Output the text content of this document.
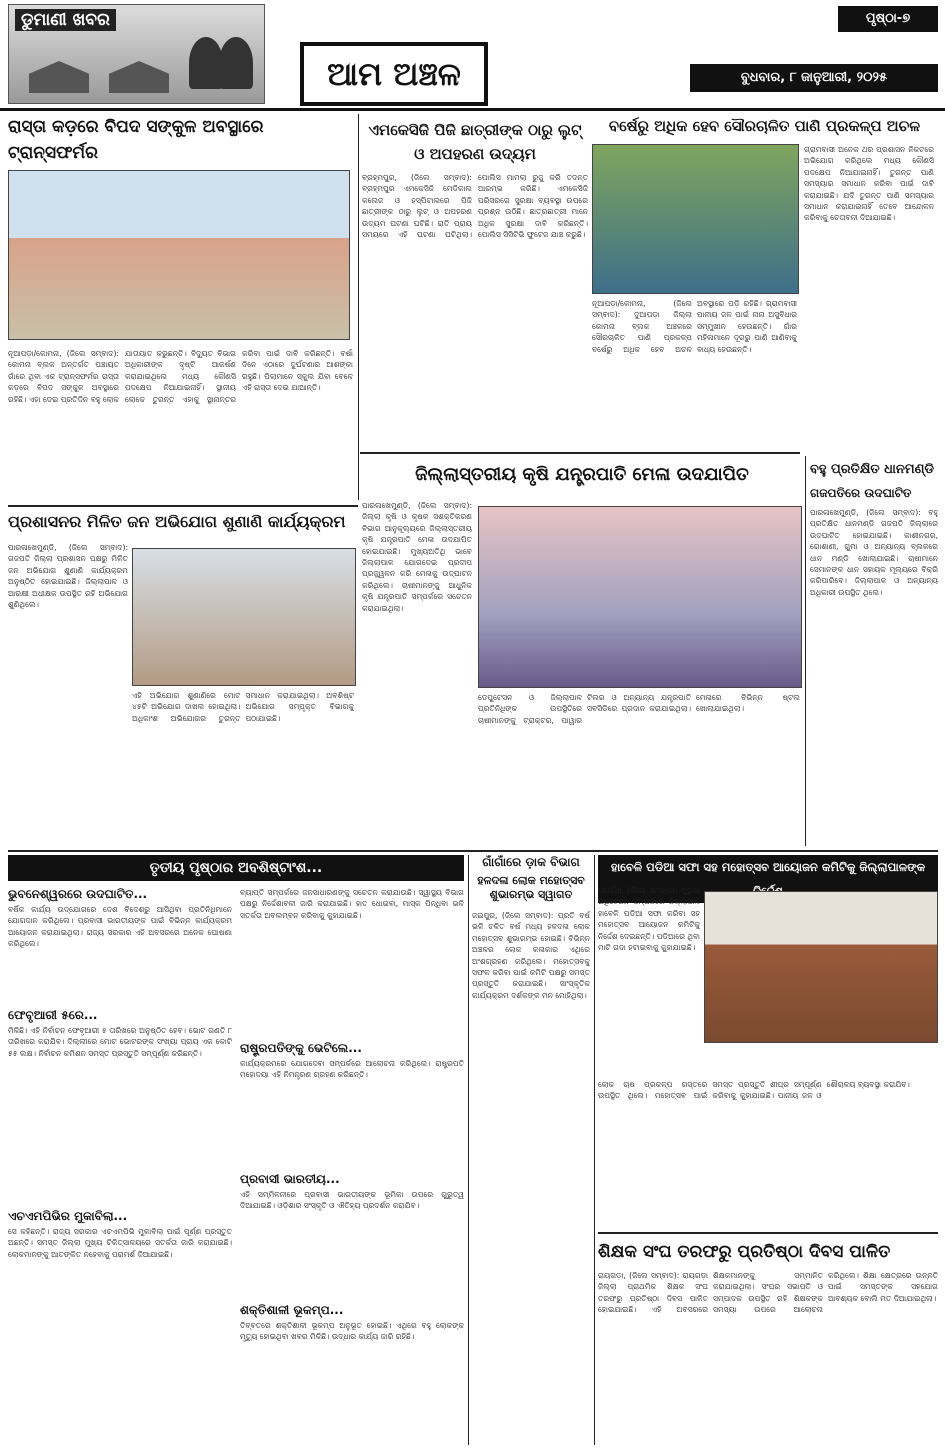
ଡୁମାଣୀ ଖବର
ଆମ ଅଞ୍ଚଳ
ପୃଷ୍ଠା-୭
ବୁଧବାର, ୮ ଜାନୁଆରୀ, ୨୦୨୫
ରାସ୍ତା କଡ଼ରେ ବିପଦ ସଙ୍କୁଳ ଅବସ୍ଥାରେ ଟ୍ରାନ୍ସଫର୍ମର
ନୂଆପଡ଼ା/କୋମନା, (ଜିଲେ ସମ୍ବାଦ): କୋମନା ବ୍ଲକ ଅନ୍ତର୍ଗତ ପଞ୍ଚାୟତ ଗାଁରେ ଥିବା ଏକ ଟ୍ରାନ୍ସଫର୍ମର ରାସ୍ତା କଡ଼ରେ ବିପଦ ସଙ୍କୁଳ ଅବସ୍ଥାରେ ରହିଛି। ଏହା ଦେଇ ପ୍ରତିଦିନ ବହୁ ଲୋକ ଯାତାୟାତ କରୁଛନ୍ତି। ବିଦ୍ୟୁତ ବିଭାଗ ଅଧିକାରୀଙ୍କ ଦୃଷ୍ଟି ଆକର୍ଷଣ କରାଯାଇଥିଲେ ମଧ୍ୟ କୌଣସି ପଦକ୍ଷେପ ନିଆଯାଇନାହିଁ। ସ୍ଥାନୀୟ ଲୋକେ ତୁରନ୍ତ ଏହାକୁ ସ୍ଥାନାନ୍ତର କରିବା ପାଇଁ ଦାବି କରିଛନ୍ତି। ବର୍ଷା ଦିନେ ଏଠାରେ ଦୁର୍ଘଟଣାର ଆଶଙ୍କା ରହୁଛି। ପିଲାମାନେ ସ୍କୁଲ ଯିବା ବେଳେ ଏହି ରାସ୍ତା ଦେଇ ଯାଆନ୍ତି।
ଏମକେସିଜି ପିଜି ଛାତ୍ରୀଙ୍କ ଠାରୁ ଲୁଟ୍ ଓ ଅପହରଣ ଉଦ୍ୟମ
ବ୍ରହ୍ମପୁର, (ଜିଲେ ସମ୍ବାଦ): ବ୍ରହ୍ମପୁର ଏମକେସିଜି ମେଡିକାଲ କଲେଜ ଓ ହସ୍ପିଟାଲରେ ପିଜି ଛାତ୍ରୀଙ୍କ ଠାରୁ ଲୁଟ୍ ଓ ଅପହରଣ ଉଦ୍ୟମ ଘଟଣା ଘଟିଛି। ରାତି ପ୍ରାୟ ସମୟରେ ଏହି ଘଟଣା ଘଟିଥିଲା। ପୋଲିସ ମାମଲା ରୁଜୁ କରି ତଦନ୍ତ ଆରମ୍ଭ କରିଛି। ଏମକେସିଜି ପରିସରରେ ସୁରକ୍ଷା ବ୍ୟବସ୍ଥା ଉପରେ ପ୍ରଶ୍ନ ଉଠିଛି। ଛାତ୍ରଛାତ୍ରୀ ମାନେ ଅଧିକ ସୁରକ୍ଷା ଦାବି କରିଛନ୍ତି। ପୋଲିସ ସିସିଟିଭି ଫୁଟେଜ ଯାଞ୍ଚ କରୁଛି।
ବର୍ଷେରୁ ଅଧିକ ହେବ ସୌରଚାଳିତ ପାଣି ପ୍ରକଳ୍ପ ଅଚଳ
ଗ୍ରାମବାସୀ ଅନେକ ଥର ପ୍ରଶାସନ ନିକଟରେ ଅଭିଯୋଗ କରିଥିଲେ ମଧ୍ୟ କୌଣସି ପଦକ୍ଷେପ ନିଆଯାଇନାହିଁ। ତୁରନ୍ତ ପାଣି ସମସ୍ୟାର ସମାଧାନ କରିବା ପାଇଁ ଦାବି କରାଯାଇଛି। ଯଦି ତୁରନ୍ତ ପାଣି ସମସ୍ୟାର ସମାଧାନ କରାଯାଇନାହିଁ ତେବେ ଆନ୍ଦୋଳନ କରିବାକୁ ଚେତାବନୀ ଦିଆଯାଇଛି।
ନୂଆପଡ଼ା/କୋମନା, (ଜିଲେ ସମ୍ବାଦ): ଦୁଆପଡ଼ା ଜିଲ୍ଲା କୋମନା ବ୍ଲକ ଅଞ୍ଚଳରେ ସୌରଚାଳିତ ପାଣି ପ୍ରକଳ୍ପ ବର୍ଷେରୁ ଅଧିକ ହେବ ଅଚଳ ଅବସ୍ଥାରେ ପଡ଼ି ରହିଛି। ଗ୍ରାମବାସୀ ପାନୀୟ ଜଳ ପାଇଁ ନାନା ଅସୁବିଧାର ସମ୍ମୁଖୀନ ହେଉଛନ୍ତି। ଗାଁର ମହିଳାମାନେ ଦୂରରୁ ପାଣି ଆଣିବାକୁ ବାଧ୍ୟ ହେଉଛନ୍ତି।
ଜିଲ୍ଲାସ୍ତରୀୟ କୃଷି ଯନ୍ତ୍ରପାତି ମେଳା ଉଦଯାପିତ
ପାରଳାଖେମୁଣ୍ଡି, (ଜିଲେ ସମ୍ବାଦ): ଜିଲ୍ଲା କୃଷି ଓ କୃଷକ ସଶକ୍ତିକରଣ ବିଭାଗ ଆନୁକୂଲ୍ୟରେ ଜିଲ୍ଲାସ୍ତରୀୟ କୃଷି ଯନ୍ତ୍ରପାତି ମେଳା ଉଦଯାପିତ ହୋଇଯାଇଛି। ମୁଖ୍ୟଅତିଥି ଭାବେ ଜିଲ୍ଲାପାଳ ଯୋଗଦେଇ ପ୍ରଦୀପ ପ୍ରଜ୍ଜ୍ୱଳନ କରି ମେଳାକୁ ଉଦ୍‌ଘାଟନ କରିଥିଲେ। ଚାଷୀମାନଙ୍କୁ ଆଧୁନିକ କୃଷି ଯନ୍ତ୍ରପାତି ସମ୍ପର୍କରେ ସଚେତନ କରାଯାଇଥିଲା।
ଡେପୁଟେସନ ଓ ଜିଲ୍ଲାପାଳ ପ୍ରତିନିଧିଙ୍କ ଉପସ୍ଥିତିରେ ଚାଷୀମାନଙ୍କୁ ଟ୍ରାକ୍ଟର, ପାୱାର ଟିଲର ଓ ଅନ୍ୟାନ୍ୟ ଯନ୍ତ୍ରପାତି ସବସିଡିରେ ପ୍ରଦାନ କରାଯାଇଥିଲା। ମେଳାରେ ବିଭିନ୍ନ ଷ୍ଟଲ ଖୋଲାଯାଇଥିଲା।
ବହୁ ପ୍ରତିକ୍ଷିତ ଧାନମଣ୍ଡି
ଗଜପତିରେ ଉଦଘାଟିତ
ପାରଳାଖେମୁଣ୍ଡି, (ଜିଲେ ସମ୍ବାଦ): ବହୁ ପ୍ରତିକ୍ଷିତ ଧାନମଣ୍ଡି ଗଜପତି ଜିଲ୍ଲାରେ ଉଦଘାଟିତ ହୋଇଯାଇଛି। କାଶୀନଗର, ଗୋଶାଣୀ, ଗୁମା ଓ ଅନ୍ୟାନ୍ୟ ବ୍ଲକରେ ଧାନ ମଣ୍ଡି ଖୋଲାଯାଇଛି। ଚାଷୀମାନେ ସେମାନଙ୍କ ଧାନ ସହାୟକ ମୂଲ୍ୟରେ ବିକ୍ରି କରିପାରିବେ। ଜିଲ୍ଲାପାଳ ଓ ଅନ୍ୟାନ୍ୟ ଅଧିକାରୀ ଉପସ୍ଥିତ ଥିଲେ।
ପ୍ରଶାସନର ମିଳିତ ଜନ ଅଭିଯୋଗ ଶୁଣାଣି କାର୍ଯ୍ୟକ୍ରମ
ପାରଳାଖେମୁଣ୍ଡି, (ଜିଲେ ସମ୍ବାଦ): ଗଜପତି ଜିଲ୍ଲା ପ୍ରଶାସନ ପକ୍ଷରୁ ମିଳିତ ଜନ ଅଭିଯୋଗ ଶୁଣାଣି କାର୍ଯ୍ୟକ୍ରମ ଅନୁଷ୍ଠିତ ହୋଇଯାଇଛି। ଜିଲ୍ଲାପାଳ ଓ ଆରକ୍ଷୀ ଅଧୀକ୍ଷକ ଉପସ୍ଥିତ ରହି ଅଭିଯୋଗ ଶୁଣିଥିଲେ।
ଏହି ଅଭିଯୋଗ ଶୁଣାଣିରେ ମୋଟ ୪୫ଟି ଅଭିଯୋଗ ଦାଖଲ ହୋଇଥିଲା। ଅଧିକାଂଶ ଅଭିଯୋଗର ତୁରନ୍ତ ସମାଧାନ କରାଯାଇଥିଲା। ଅବଶିଷ୍ଟ ଅଭିଯୋଗ ସମ୍ପୃକ୍ତ ବିଭାଗକୁ ପଠାଯାଇଛି।
ତୃତୀୟ ପୃଷ୍ଠାର ଅବଶିଷ୍ଟାଂଶ...
ଭୁବନେଶ୍ୱରରେ ଉଦଘାଟିତ...
ବର୍ଷିକ କାର୍ଯ୍ୟ ଉଦ୍‌ଯୋଗରେ ଦେଶ ବିଦେଶରୁ ଆସିଥିବା ପ୍ରତିନିଧିମାନେ ଯୋଗଦାନ କରିଥିଲେ। ପ୍ରବାସୀ ଭାରତୀୟଙ୍କ ପାଇଁ ବିଭିନ୍ନ କାର୍ଯ୍ୟକ୍ରମ ଆୟୋଜନ କରାଯାଇଥିଲା। ରାଜ୍ୟ ସରକାର ଏହି ଅବସରରେ ଅନେକ ଘୋଷଣା କରିଥିଲେ।
ଫେବୃଆରୀ ୫ରେ...
ମିଳିଛି। ଏହି ନିର୍ବାଚନ ଫେବୃଆରୀ ୫ ତାରିଖରେ ଅନୁଷ୍ଠିତ ହେବ। ଭୋଟ ଗଣତି ୮ ତାରିଖରେ କରାଯିବ। ଦିଲ୍ଲୀରେ ମୋଟ ଭୋଟରଙ୍କ ସଂଖ୍ୟା ପ୍ରାୟ ଏକ କୋଟି ୫୫ ଲକ୍ଷ। ନିର୍ବାଚନ କମିଶନ ସମସ୍ତ ପ୍ରସ୍ତୁତି ସମ୍ପୂର୍ଣ୍ଣ କରିଛନ୍ତି।
ଏଚଏମପିଭିର ମୁକାବିଲା...
ସେ କହିଛନ୍ତି। ରାଜ୍ୟ ସରକାର ଏଚଏମପିଭି ମୁକାବିଲା ପାଇଁ ପୂର୍ଣ୍ଣ ପ୍ରସ୍ତୁତ ଅଛନ୍ତି। ସମସ୍ତ ଜିଲ୍ଲା ମୁଖ୍ୟ ଚିକିତ୍ସାଳୟରେ ସତର୍କତା ଜାରି କରାଯାଇଛି। ଲୋକମାନଙ୍କୁ ଆତଙ୍କିତ ନହେବାକୁ ପରାମର୍ଶ ଦିଆଯାଇଛି।
ବ୍ୟାପ୍ତି ସମ୍ପର୍କରେ ଜନସାଧାରଣଙ୍କୁ ସଚେତନ କରାଯାଉଛି। ସ୍ୱାସ୍ଥ୍ୟ ବିଭାଗ ପକ୍ଷରୁ ନିର୍ଦ୍ଦେଶାବଳୀ ଜାରି କରାଯାଇଛି। ହାତ ଧୋଇବା, ମାସ୍କ ପିନ୍ଧିବା ଭଳି ସତର୍କତା ଅବଲମ୍ବନ କରିବାକୁ କୁହାଯାଇଛି।
ରାଷ୍ଟ୍ରପତିଙ୍କୁ ଭେଟିଲେ...
କାର୍ଯ୍ୟକ୍ରମରେ ଯୋଗଦେବା ସମ୍ପର୍କରେ ଆଲୋଚନା କରିଥିଲେ। ରାଷ୍ଟ୍ରପତି ମହୋଦୟା ଏହି ନିମନ୍ତ୍ରଣ ଗ୍ରହଣ କରିଛନ୍ତି।
ପ୍ରବାସୀ ଭାରତୀୟ...
ଏହି ସମ୍ମିଳନୀରେ ପ୍ରବାସୀ ଭାରତୀୟଙ୍କ ଭୂମିକା ଉପରେ ଗୁରୁତ୍ୱ ଦିଆଯାଇଛି। ଓଡ଼ିଶାର ସଂସ୍କୃତି ଓ ଐତିହ୍ୟ ପ୍ରଦର୍ଶନ କରାଯିବ।
ଶକ୍ତିଶାଳୀ ଭୂକମ୍ପ...
ତିବ୍ବତରେ ଶକ୍ତିଶାଳୀ ଭୂକମ୍ପ ଅନୁଭୂତ ହୋଇଛି। ଏଥିରେ ବହୁ ଲୋକଙ୍କ ମୃତ୍ୟୁ ହୋଇଥିବା ଖବର ମିଳିଛି। ଉଦ୍ଧାର କାର୍ଯ୍ୟ ଜାରି ରହିଛି।
ଗାଁଗାଁରେ ଡ଼ାକ ବିଭାଗ
ହଳଦଳା ଲୋକ ମହୋତ୍ସବ ଶୁଭାରମ୍ଭ ସ୍ୱାଗତ
ଜଇପୁର, (ଜିଲେ ସମ୍ବାଦ): ପ୍ରତି ବର୍ଷ ଭଳି ଚଳିତ ବର୍ଷ ମଧ୍ୟ ହଳଦଳା ଲୋକ ମହୋତ୍ସବ ଶୁଭାରମ୍ଭ ହୋଇଛି। ବିଭିନ୍ନ ଅଞ୍ଚଳର ଲୋକ କଳାକାର ଏଥିରେ ଅଂଶଗ୍ରହଣ କରିଥିଲେ। ମହୋତ୍ସବକୁ ସଫଳ କରିବା ପାଇଁ କମିଟି ପକ୍ଷରୁ ସମସ୍ତ ପ୍ରସ୍ତୁତି କରାଯାଇଛି। ସାଂସ୍କୃତିକ କାର୍ଯ୍ୟକ୍ରମ ଦର୍ଶକଙ୍କ ମନ ମୋହିଥିଲା।
ହାବେଳି ପଡିଆ ସଫା ସହ ମହୋତ୍ସବ ଆୟୋଜନ କମିଟିକୁ ଜିଲ୍ଲାପାଳଙ୍କ
ଖୋର୍ଦ୍ଧା, (ଜିଲେ ସମ୍ବାଦ): ପୁରୁଣା ଅଧିବେଶନ ସମ୍ପର୍କରେ ଜିଲ୍ଲାପାଳ ହାବେଳି ପଡିଆ ସଫା କରିବା ସହ ମହୋତ୍ସବ ଆୟୋଜନ କମିଟିକୁ ନିର୍ଦ୍ଦେଶ ଦେଇଛନ୍ତି। ପଡିଆରେ ଥିବା ମାଟି ଗଦା ହଟାଇବାକୁ କୁହାଯାଇଛି।
ଲୋକ ଚାଷ ପ୍ରକଳ୍ପ ଗସ୍ତରେ ଉପସ୍ଥିତ ଥିଲେ। ମହୋତ୍ସବ ପାଇଁ ସମସ୍ତ ପ୍ରସ୍ତୁତି ଶୀଘ୍ର ସମ୍ପୂର୍ଣ୍ଣ କରିବାକୁ କୁହାଯାଇଛି। ପାନୀୟ ଜଳ ଓ ଶୌଚାଳୟ ବ୍ୟବସ୍ଥା କରାଯିବ।
ଶିକ୍ଷକ ସଂଘ ତରଫରୁ ପ୍ରତିଷ୍ଠା ଦିବସ ପାଳିତ
ରାୟଗଡ଼ା, (ଜିଲେ ସମ୍ବାଦ): ରାୟଗଡ଼ା ଜିଲ୍ଲା ପ୍ରାଥମିକ ଶିକ୍ଷକ ସଂଘ ତରଫରୁ ପ୍ରତିଷ୍ଠା ଦିବସ ପାଳିତ ହୋଇଯାଇଛି। ଏହି ଅବସରରେ ଶିକ୍ଷକମାନଙ୍କୁ ସମ୍ମାନିତ କରାଯାଇଥିଲା। ସଂଘର ସଭାପତି ଓ ସମ୍ପାଦକ ଉପସ୍ଥିତ ରହି ଶିକ୍ଷକଙ୍କ ସମସ୍ୟା ଉପରେ ଆଲୋଚନା କରିଥିଲେ। ଶିକ୍ଷା କ୍ଷେତ୍ରରେ ଉନ୍ନତି ପାଇଁ ସମସ୍ତଙ୍କ ସହଯୋଗ ଆବଶ୍ୟକ ବୋଲି ମତ ଦିଆଯାଇଥିଲା।
